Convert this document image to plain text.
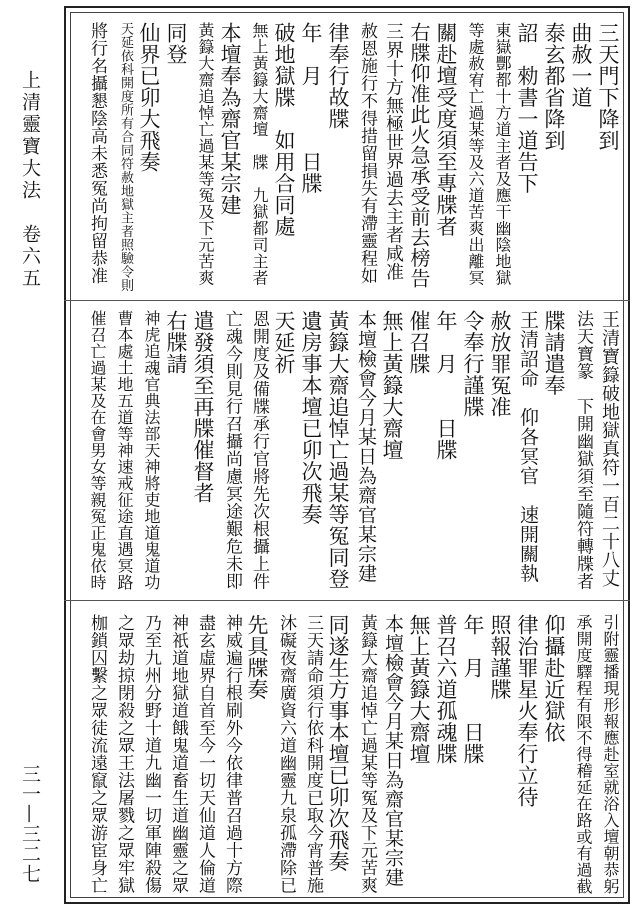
上清靈寶大法　卷六五
三一—三二七
三天門下降到
曲赦一道
泰玄都省降到
詔　勑書一道告下
東嶽酆都十方道主者及應干幽陰地獄
等處赦宥亡過某等及六道苦爽出離冥
關赴壇受度須至專牒者
右牒仰准此火急承受前去榜告
三界十方無極世界過去主者咸准
赦恩施行不得措留損失有滯靈程如
律奉行故牒
年　月　　　日牒
破地獄牒　如用合同處
無上黃籙大齋壇　牒　九獄都司主者
本壇奉為齋官某宗建
黃籙大齋追悼亡過某等冤及下元苦爽
同登
仙界已卯大飛奏
天延依科開度所有合同符赦地獄主者照驗令則
將行名攝懇陰高未悉冤尚拘留恭准
王清寶籙破地獄真符一百二十八丈
法天寶篆　下開幽獄須至隨符轉牒者
牒請遣奉
王清詔命　仰各冥官　速開關執
赦放罪冤准
令奉行謹牒
年　月　　日牒
催召牒
無上黃籙大齋壇
本壇檢會今月某日為齋官某宗建
黃籙大齋追悼亡過某等冤同登
遺房事本壇已卯次飛奏
天延祈
恩開度及備牒承行官將先次根攝上件
亡魂今則見行召攝尚慮冥途艱危未即
遣發須至再牒催督者
右牒請
神虎追魂官典法部天神將吏地道鬼道功
曹本處土地五道等神速戒征途直遇冥路
催召亡過某及在會男女等親冤正鬼依時
引附靈播現形報應赴室就浴入壇朝恭躬
承開度驛程有限不得稽延在路或有過截
仰攝赴近獄依
律治罪星火奉行立待
照報謹牒
年　月　　日牒
普召六道孤魂牒
無上黃籙大齋壇
本壇檢會今月某日為齋官某宗建
黃籙大齋追悼亡過某等冤及下元苦爽
同遂生方事本壇已卯次飛奏
三天請命須行依科開度已取今宵普施
沐礙夜齋廣資六道幽靈九泉孤滯除已
先具牒奏
神威遍行根刷外今依律普召過十方際
盡玄虛界自首至今一切天仙道人倫道
神祇道地獄道餓鬼道畜生道幽靈之眾
乃至九州分野十道九幽一切軍陣殺傷
之眾劫掠閉殺之眾王法屠戮之眾牢獄
枷鎖囚繫之眾徒流遠竄之眾游宦身亡
